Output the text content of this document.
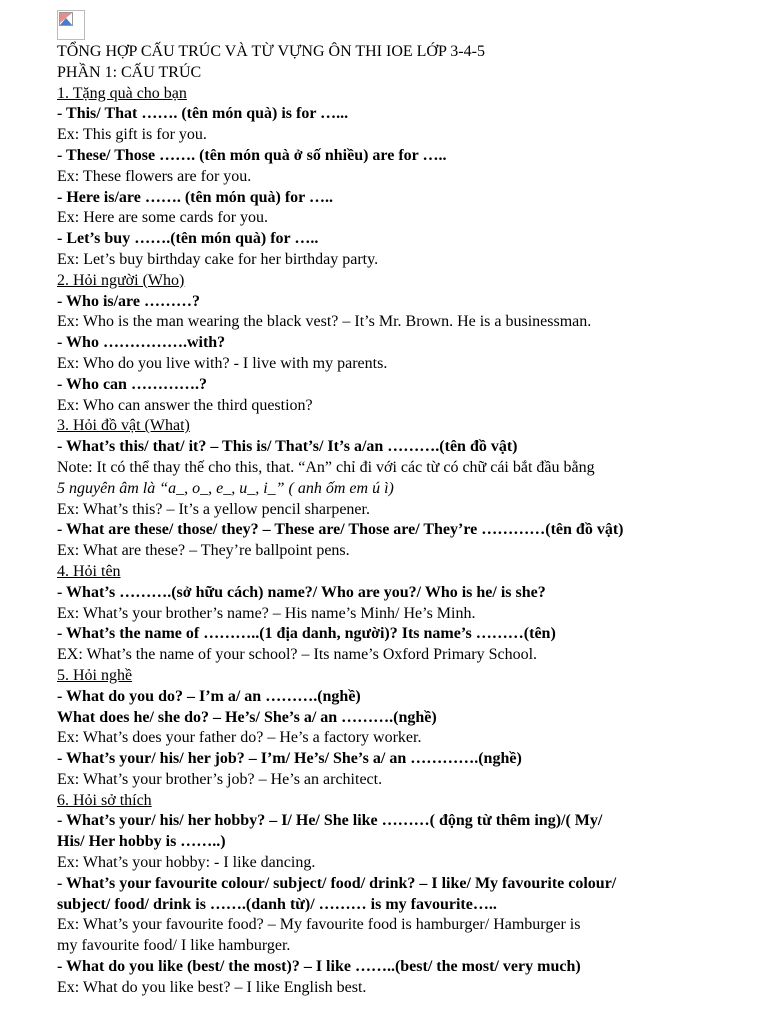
TỔNG HỢP CẤU TRÚC VÀ TỪ VỰNG ÔN THI IOE LỚP 3-4-5
PHẦN 1: CẤU TRÚC
1. Tặng quà cho bạn
- This/ That ……. (tên món quà) is for …...
Ex: This gift is for you.
- These/ Those ……. (tên món quà ở số nhiều) are for …..
Ex: These flowers are for you.
- Here is/are ……. (tên món quà) for …..
Ex: Here are some cards for you.
- Let’s buy …….(tên món quà) for …..
Ex: Let’s buy birthday cake for her birthday party.
2. Hỏi người (Who)
- Who is/are ………?
Ex: Who is the man wearing the black vest? – It’s Mr. Brown. He is a businessman.
- Who …………….with?
Ex: Who do you live with? - I live with my parents.
- Who can ………….?
Ex: Who can answer the third question?
3. Hỏi đồ vật (What)
- What’s this/ that/ it? – This is/ That’s/ It’s a/an ……….(tên đồ vật)
Note: It có thể thay thế cho this, that. “An” chỉ đi với các từ có chữ cái bắt đầu bằng
5 nguyên âm là “a_, o_, e_, u_, i_” ( anh ốm em ú ì)
Ex: What’s this? – It’s a yellow pencil sharpener.
- What are these/ those/ they? – These are/ Those are/ They’re …………(tên đồ vật)
Ex: What are these? – They’re ballpoint pens.
4. Hỏi tên
- What’s ……….(sở hữu cách) name?/ Who are you?/ Who is he/ is she?
Ex: What’s your brother’s name? – His name’s Minh/ He’s Minh.
- What’s the name of ………..(1 địa danh, người)? Its name’s ………(tên)
EX: What’s the name of your school? – Its name’s Oxford Primary School.
5. Hỏi nghề
- What do you do? – I’m a/ an ……….(nghề)
What does he/ she do? – He’s/ She’s a/ an ……….(nghề)
Ex: What’s does your father do? – He’s a factory worker.
- What’s your/ his/ her job? – I’m/ He’s/ She’s a/ an ………….(nghề)
Ex: What’s your brother’s job? – He’s an architect.
6. Hỏi sở thích
- What’s your/ his/ her hobby? – I/ He/ She like ………( động từ thêm ing)/( My/
His/ Her hobby is ……..)
Ex: What’s your hobby: - I like dancing.
- What’s your favourite colour/ subject/ food/ drink? – I like/ My favourite colour/
subject/ food/ drink is …….(danh từ)/ ……… is my favourite…..
Ex: What’s your favourite food? – My favourite food is hamburger/ Hamburger is
my favourite food/ I like hamburger.
- What do you like (best/ the most)? – I like ……..(best/ the most/ very much)
Ex: What do you like best? – I like English best.
